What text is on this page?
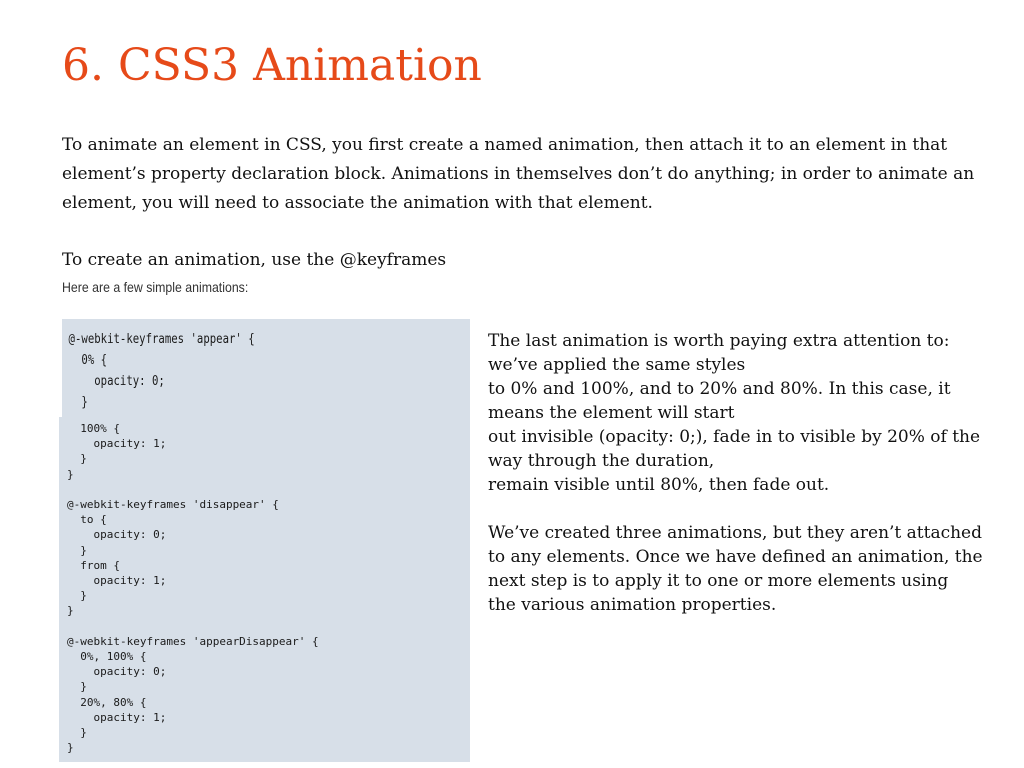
6. CSS3 Animation

To animate an element in CSS, you first create a named animation, then attach it to an element in that element’s property declaration block. Animations in themselves don’t do anything; in order to animate an element, you will need to associate the animation with that element.

To create an animation, use the @keyframes

Here are a few simple animations:
@-webkit-keyframes 'appear' {
0% {
opacity: 0;
}
100% {
opacity: 1;
}
}

@-webkit-keyframes 'disappear' {
to {
opacity: 0;
}
from {
opacity: 1;
}
}

@-webkit-keyframes 'appearDisappear' {
0%, 100% {
opacity: 0;
}
20%, 80% {
opacity: 1;
}
}
The last animation is worth paying extra attention to:
we’ve applied the same styles
to 0% and 100%, and to 20% and 80%. In this case, it
means the element will start
out invisible (opacity: 0;), fade in to visible by 20% of the
way through the duration,
remain visible until 80%, then fade out.
We’ve created three animations, but they aren’t attached
to any elements. Once we have defined an animation, the
next step is to apply it to one or more elements using
the various animation properties.
